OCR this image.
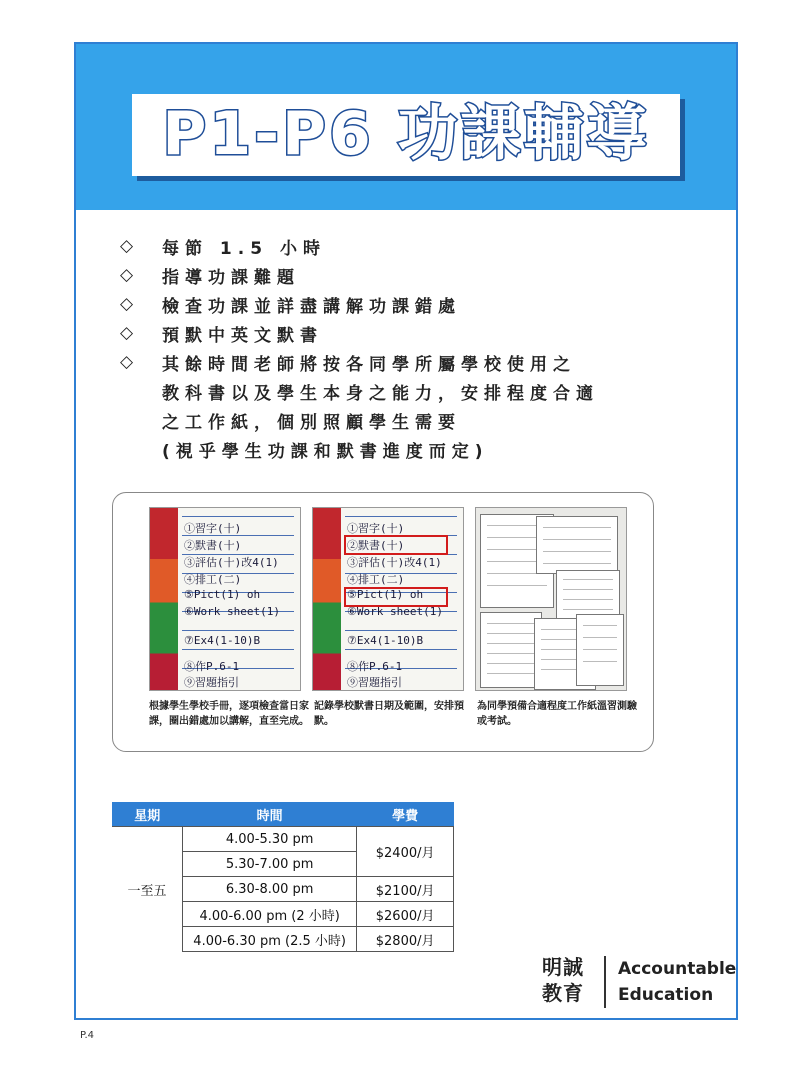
P1-P6 功課輔導
◇ 每節 1.5 小時
◇ 指導功課難題
◇ 檢查功課並詳盡講解功課錯處
◇ 預默中英文默書
◇ 其餘時間老師將按各同學所屬學校使用之
教科書以及學生本身之能力，安排程度合適
之工作紙，個別照顧學生需要
(視乎學生功課和默書進度而定)
①習字(十)
②默書(十)
③評估(十)改4(1)
④排工(二)
⑤Pict(1) oh
⑥Work sheet(1)
⑦Ex4(1-10)B
⑧作P.6-1
⑨習題指引
①習字(十)
②默書(十)
③評估(十)改4(1)
④排工(二)
⑤Pict(1) oh
⑥Work sheet(1)
⑦Ex4(1-10)B
⑧作P.6-1
⑨習題指引
根據學生學校手冊，逐項檢查當日家課，圈出錯處加以講解，直至完成。
記錄學校默書日期及範圍，安排預默。
為同學預備合適程度工作紙溫習測驗或考試。
星期	時間	學費
一至五	4.00-5.30 pm	$2400/月
	5.30-7.00 pm	
	6.30-8.00 pm	$2100/月
	4.00-6.00 pm (2 小時)	$2600/月
	4.00-6.30 pm (2.5 小時)	$2800/月
明誠教育
Accountable
Education
P.4
